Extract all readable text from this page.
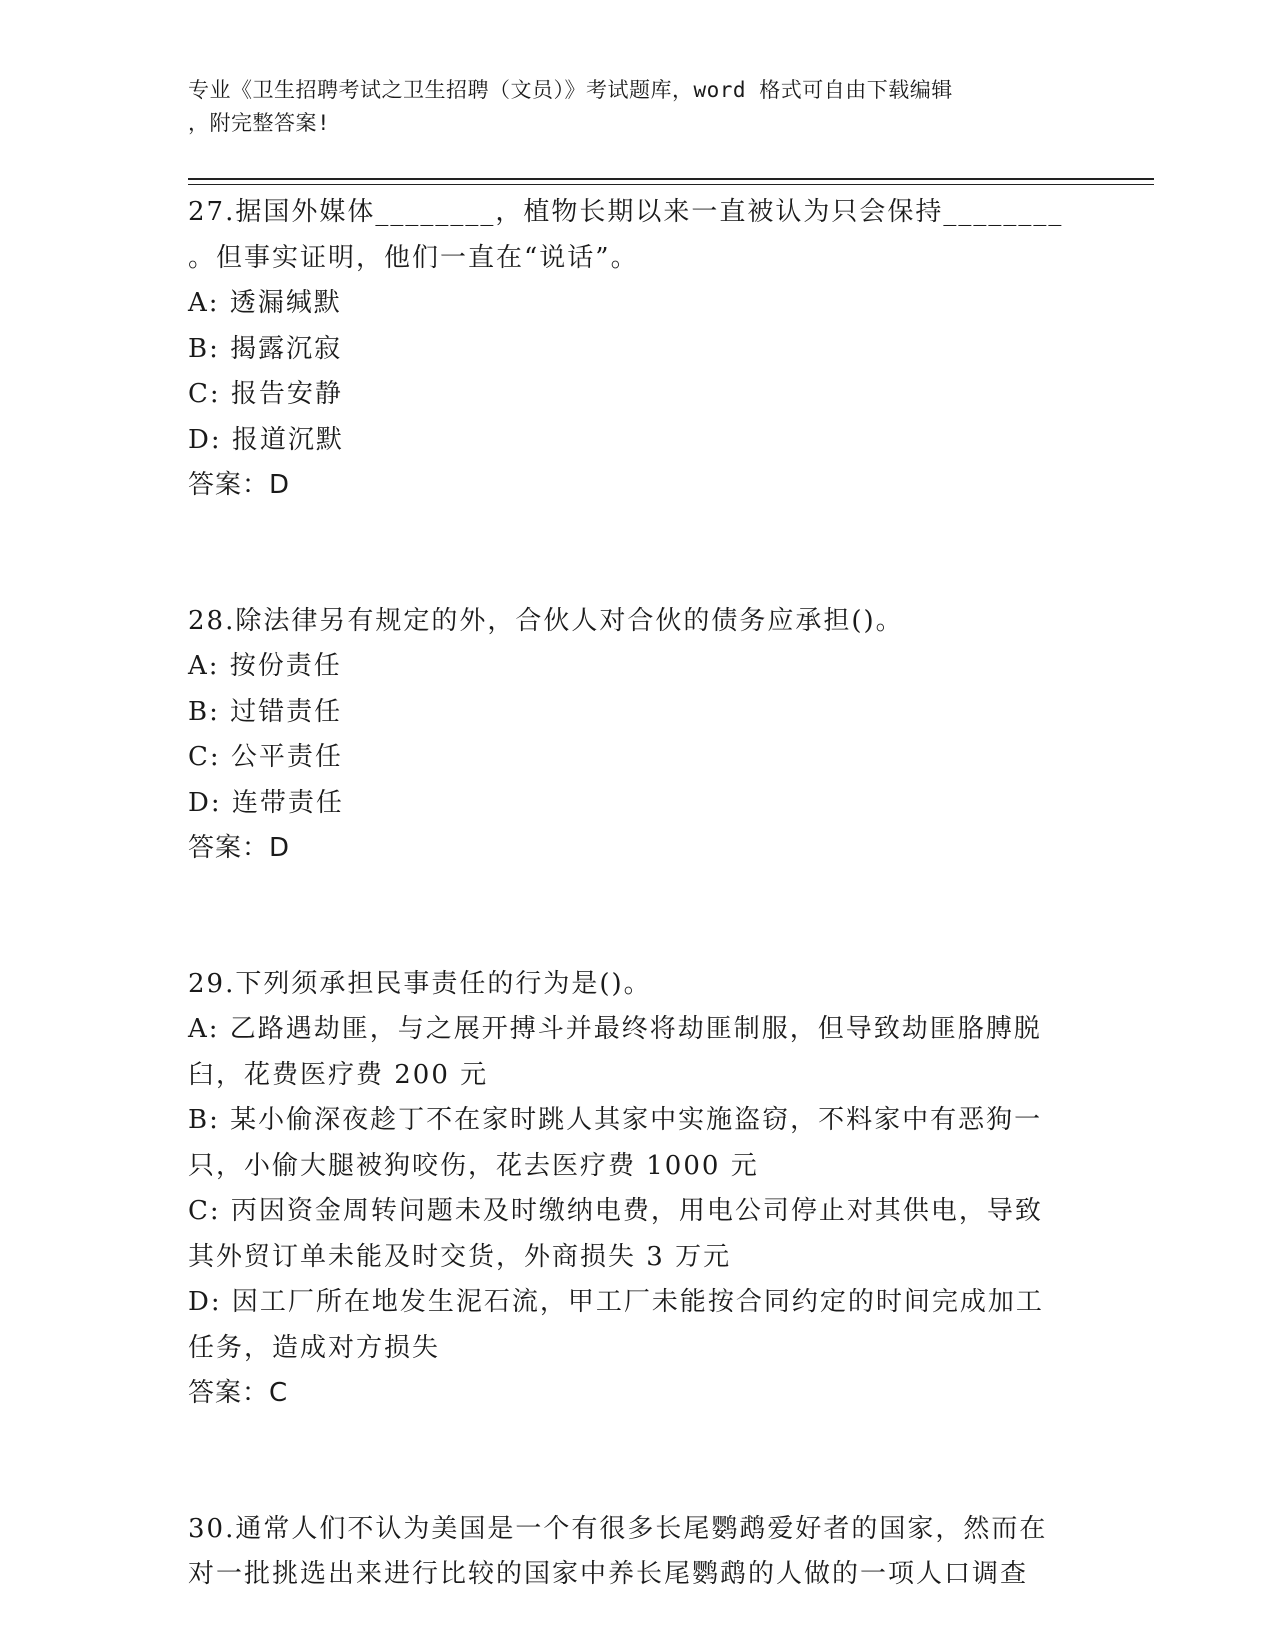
专业《卫生招聘考试之卫生招聘（文员）》考试题库，word 格式可自由下载编辑
，附完整答案!
27.据国外媒体________，植物长期以来一直被认为只会保持________
。但事实证明，他们一直在“说话”。
A: 透漏缄默
B: 揭露沉寂
C: 报告安静
D: 报道沉默
答案：D
28.除法律另有规定的外，合伙人对合伙的债务应承担()。
A: 按份责任
B: 过错责任
C: 公平责任
D: 连带责任
答案：D
29.下列须承担民事责任的行为是()。
A: 乙路遇劫匪，与之展开搏斗并最终将劫匪制服，但导致劫匪胳膊脱
臼，花费医疗费 200 元
B: 某小偷深夜趁丁不在家时跳人其家中实施盗窃，不料家中有恶狗一
只，小偷大腿被狗咬伤，花去医疗费 1000 元
C: 丙因资金周转问题未及时缴纳电费，用电公司停止对其供电，导致
其外贸订单未能及时交货，外商损失 3 万元
D: 因工厂所在地发生泥石流，甲工厂未能按合同约定的时间完成加工
任务，造成对方损失
答案：C
30.通常人们不认为美国是一个有很多长尾鹦鹉爱好者的国家，然而在
对一批挑选出来进行比较的国家中养长尾鹦鹉的人做的一项人口调查
